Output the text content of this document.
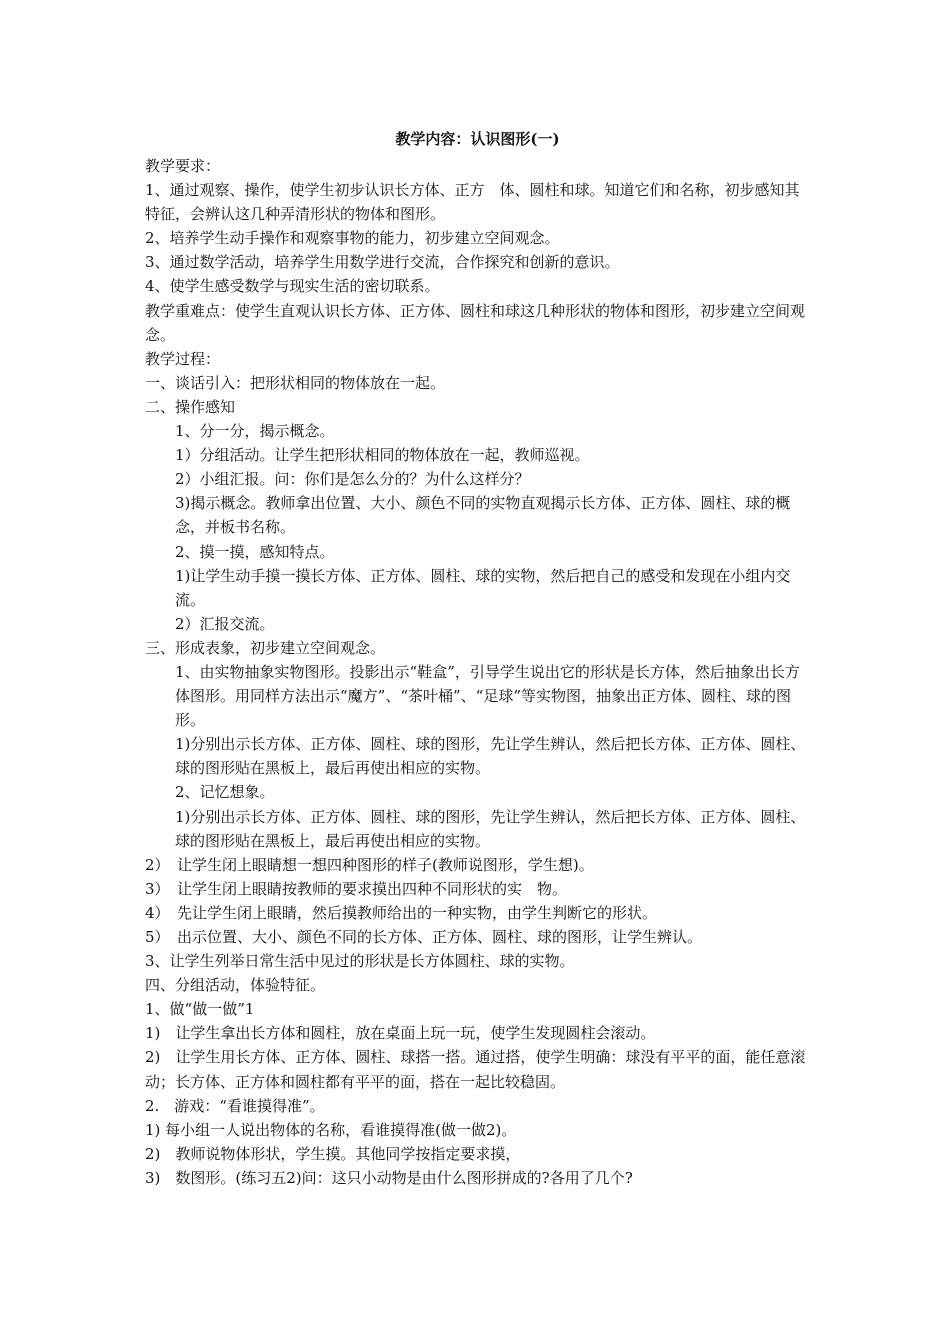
教学内容：认识图形(一)

教学要求：

1、通过观察、操作，使学生初步认识长方体、正方　体、圆柱和球。知道它们和名称，初步感知其特征，会辨认这几种弄清形状的物体和图形。

2、培养学生动手操作和观察事物的能力，初步建立空间观念。

3、通过数学活动，培养学生用数学进行交流，合作探究和创新的意识。

4、使学生感受数学与现实生活的密切联系。

教学重难点：使学生直观认识长方体、正方体、圆柱和球这几种形状的物体和图形，初步建立空间观念。

教学过程：

一、谈话引入：把形状相同的物体放在一起。

二、操作感知

1、分一分，揭示概念。

1）分组活动。让学生把形状相同的物体放在一起，教师巡视。

2）小组汇报。问：你们是怎么分的？为什么这样分？

3)揭示概念。教师拿出位置、大小、颜色不同的实物直观揭示长方体、正方体、圆柱、球的概念，并板书名称。

2、摸一摸，感知特点。

1)让学生动手摸一摸长方体、正方体、圆柱、球的实物，然后把自己的感受和发现在小组内交流。

2）汇报交流。

三、形成表象，初步建立空间观念。

1、由实物抽象实物图形。投影出示“鞋盒”，引导学生说出它的形状是长方体，然后抽象出长方体图形。用同样方法出示“魔方”、“茶叶桶”、“足球”等实物图，抽象出正方体、圆柱、球的图形。

1)分别出示长方体、正方体、圆柱、球的图形，先让学生辨认，然后把长方体、正方体、圆柱、球的图形贴在黑板上，最后再使出相应的实物。

2、记忆想象。

1)分别出示长方体、正方体、圆柱、球的图形，先让学生辨认，然后把长方体、正方体、圆柱、球的图形贴在黑板上，最后再使出相应的实物。

2）　让学生闭上眼睛想一想四种图形的样子(教师说图形，学生想)。

3）　让学生闭上眼睛按教师的要求摸出四种不同形状的实　物。

4）　先让学生闭上眼睛，然后摸教师给出的一种实物，由学生判断它的形状。

5）　出示位置、大小、颜色不同的长方体、正方体、圆柱、球的图形，让学生辨认。

3、让学生列举日常生活中见过的形状是长方体圆柱、球的实物。

四、分组活动，体验特征。

1、做“做一做”1

1)　让学生拿出长方体和圆柱，放在桌面上玩一玩，使学生发现圆柱会滚动。

2)　让学生用长方体、正方体、圆柱、球搭一搭。通过搭，使学生明确：球没有平平的面，能任意滚动；长方体、正方体和圆柱都有平平的面，搭在一起比较稳固。

2.　游戏：“看谁摸得准”。

1) 每小组一人说出物体的名称，看谁摸得准(做一做2)。

2)　教师说物体形状，学生摸。其他同学按指定要求摸，

3)　数图形。(练习五2)问：这只小动物是由什么图形拼成的?各用了几个?
